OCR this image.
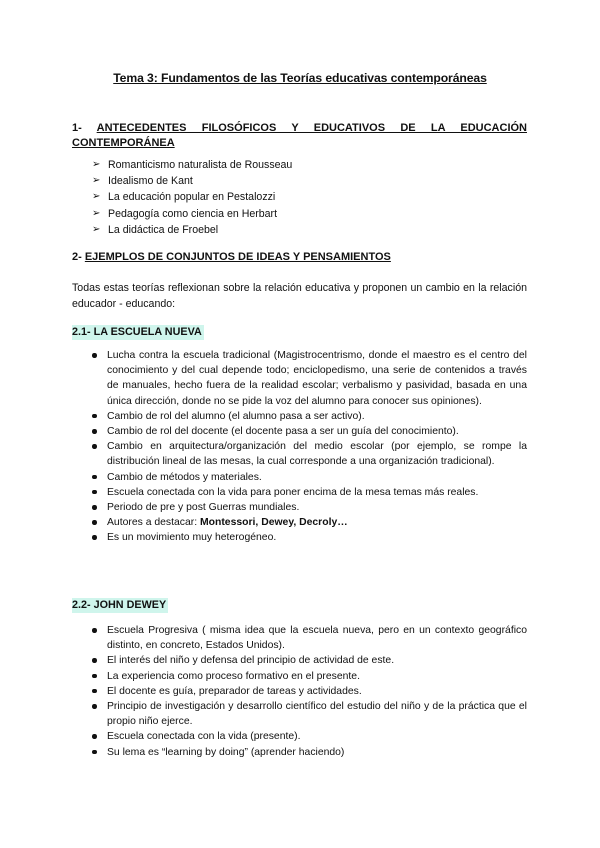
Tema 3: Fundamentos de las Teorías educativas contemporáneas
1- ANTECEDENTES FILOSÓFICOS Y EDUCATIVOS DE LA EDUCACIÓN
CONTEMPORÁNEA
➢ Romanticismo naturalista de Rousseau
➢ Idealismo de Kant
➢ La educación popular en Pestalozzi
➢ Pedagogía como ciencia en Herbart
➢ La didáctica de Froebel
2- EJEMPLOS DE CONJUNTOS DE IDEAS Y PENSAMIENTOS
Todas estas teorías reflexionan sobre la relación educativa y proponen un cambio en la relación educador - educando:
2.1- LA ESCUELA NUEVA
Lucha contra la escuela tradicional (Magistrocentrismo, donde el maestro es el centro del conocimiento y del cual depende todo; enciclopedismo, una serie de contenidos a través de manuales, hecho fuera de la realidad escolar; verbalismo y pasividad, basada en una única dirección, donde no se pide la voz del alumno para conocer sus opiniones).
Cambio de rol del alumno (el alumno pasa a ser activo).
Cambio de rol del docente (el docente pasa a ser un guía del conocimiento).
Cambio en arquitectura/organización del medio escolar (por ejemplo, se rompe la distribución lineal de las mesas, la cual corresponde a una organización tradicional).
Cambio de métodos y materiales.
Escuela conectada con la vida para poner encima de la mesa temas más reales.
Periodo de pre y post Guerras mundiales.
Autores a destacar: Montessori, Dewey, Decroly…
Es un movimiento muy heterogéneo.
2.2- JOHN DEWEY
Escuela Progresiva ( misma idea que la escuela nueva, pero en un contexto geográfico distinto, en concreto, Estados Unidos).
El interés del niño y defensa del principio de actividad de este.
La experiencia como proceso formativo en el presente.
El docente es guía, preparador de tareas y actividades.
Principio de investigación y desarrollo científico del estudio del niño y de la práctica que el propio niño ejerce.
Escuela conectada con la vida (presente).
Su lema es “learning by doing” (aprender haciendo)
